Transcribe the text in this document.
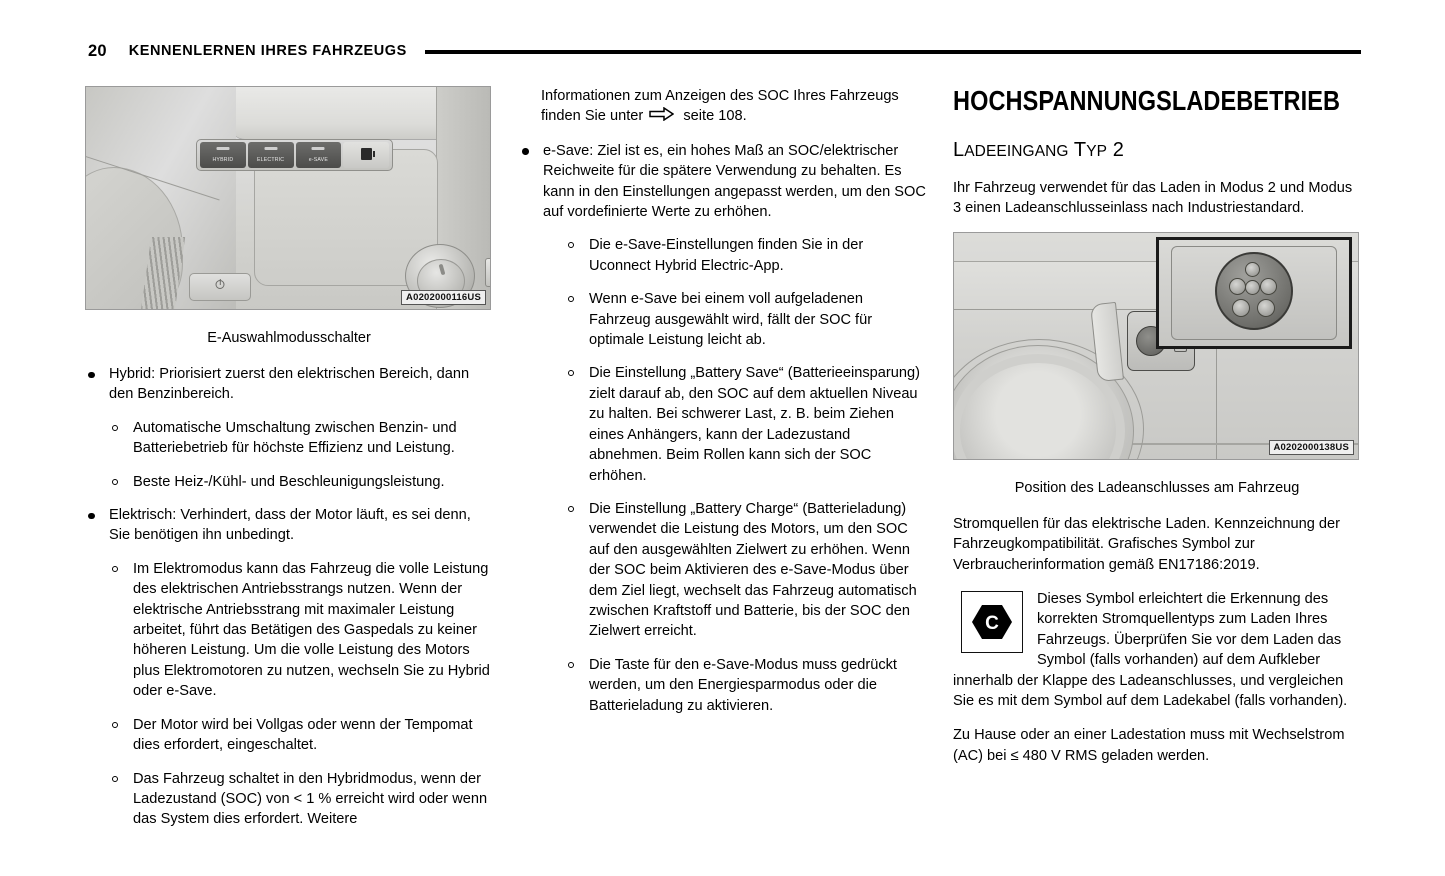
20	KENNENLERNEN IHRES FAHRZEUGS
HYBRID	ELECTRIC	e-SAVE
A0202000116US
E-Auswahlmodusschalter
Hybrid: Priorisiert zuerst den elektrischen Bereich, dann den Benzinbereich.
Automatische Umschaltung zwischen Benzin- und Batteriebetrieb für höchste Effizienz und Leistung.
Beste Heiz-/Kühl- und Beschleunigungsleistung.
Elektrisch: Verhindert, dass der Motor läuft, es sei denn, Sie benötigen ihn unbedingt.
Im Elektromodus kann das Fahrzeug die volle Leistung des elektrischen Antriebsstrangs nutzen. Wenn der elektrische Antriebsstrang mit maximaler Leistung arbeitet, führt das Betätigen des Gaspedals zu keiner höheren Leistung. Um die volle Leistung des Motors plus Elektromotoren zu nutzen, wechseln Sie zu Hybrid oder e-Save.
Der Motor wird bei Vollgas oder wenn der Tempomat dies erfordert, eingeschaltet.
Das Fahrzeug schaltet in den Hybridmodus, wenn der Ladezustand (SOC) von < 1 % erreicht wird oder wenn das System dies erfordert. Weitere
Informationen zum Anzeigen des SOC Ihres Fahrzeugs finden Sie unter	seite 108.
e-Save: Ziel ist es, ein hohes Maß an SOC/elektrischer Reichweite für die spätere Verwendung zu behalten. Es kann in den Einstellungen angepasst werden, um den SOC auf vordefinierte Werte zu erhöhen.
Die e-Save-Einstellungen finden Sie in der Uconnect Hybrid Electric-App.
Wenn e-Save bei einem voll aufgeladenen Fahrzeug ausgewählt wird, fällt der SOC für optimale Leistung leicht ab.
Die Einstellung „Battery Save“ (Batterieeinsparung) zielt darauf ab, den SOC auf dem aktuellen Niveau zu halten. Bei schwerer Last, z. B. beim Ziehen eines Anhängers, kann der Ladezustand abnehmen. Beim Rollen kann sich der SOC erhöhen.
Die Einstellung „Battery Charge“ (Batterieladung) verwendet die Leistung des Motors, um den SOC auf den ausgewählten Zielwert zu erhöhen. Wenn der SOC beim Aktivieren des e-Save-Modus über dem Ziel liegt, wechselt das Fahrzeug automatisch zwischen Kraftstoff und Batterie, bis der SOC den Zielwert erreicht.
Die Taste für den e-Save-Modus muss gedrückt werden, um den Energiesparmodus oder die Batterieladung zu aktivieren.
HOCHSPANNUNGSLADEBETRIEB
LADEEINGANG TYP 2

Ihr Fahrzeug verwendet für das Laden in Modus 2 und Modus 3 einen Ladeanschlusseinlass nach Industriestandard.

A0202000138US
Position des Ladeanschlusses am Fahrzeug

Stromquellen für das elektrische Laden. Kennzeichnung der Fahrzeugkompatibilität. Grafisches Symbol zur Verbraucherinformation gemäß EN17186:2019.

C
Dieses Symbol erleichtert die Erkennung des korrekten Stromquellentyps zum Laden Ihres Fahrzeugs. Überprüfen Sie vor dem Laden das Symbol (falls vorhanden) auf dem Aufkleber innerhalb der Klappe des Ladeanschlusses, und vergleichen Sie es mit dem Symbol auf dem Ladekabel (falls vorhanden).

Zu Hause oder an einer Ladestation muss mit Wechselstrom (AC) bei ≤ 480 V RMS geladen werden.
